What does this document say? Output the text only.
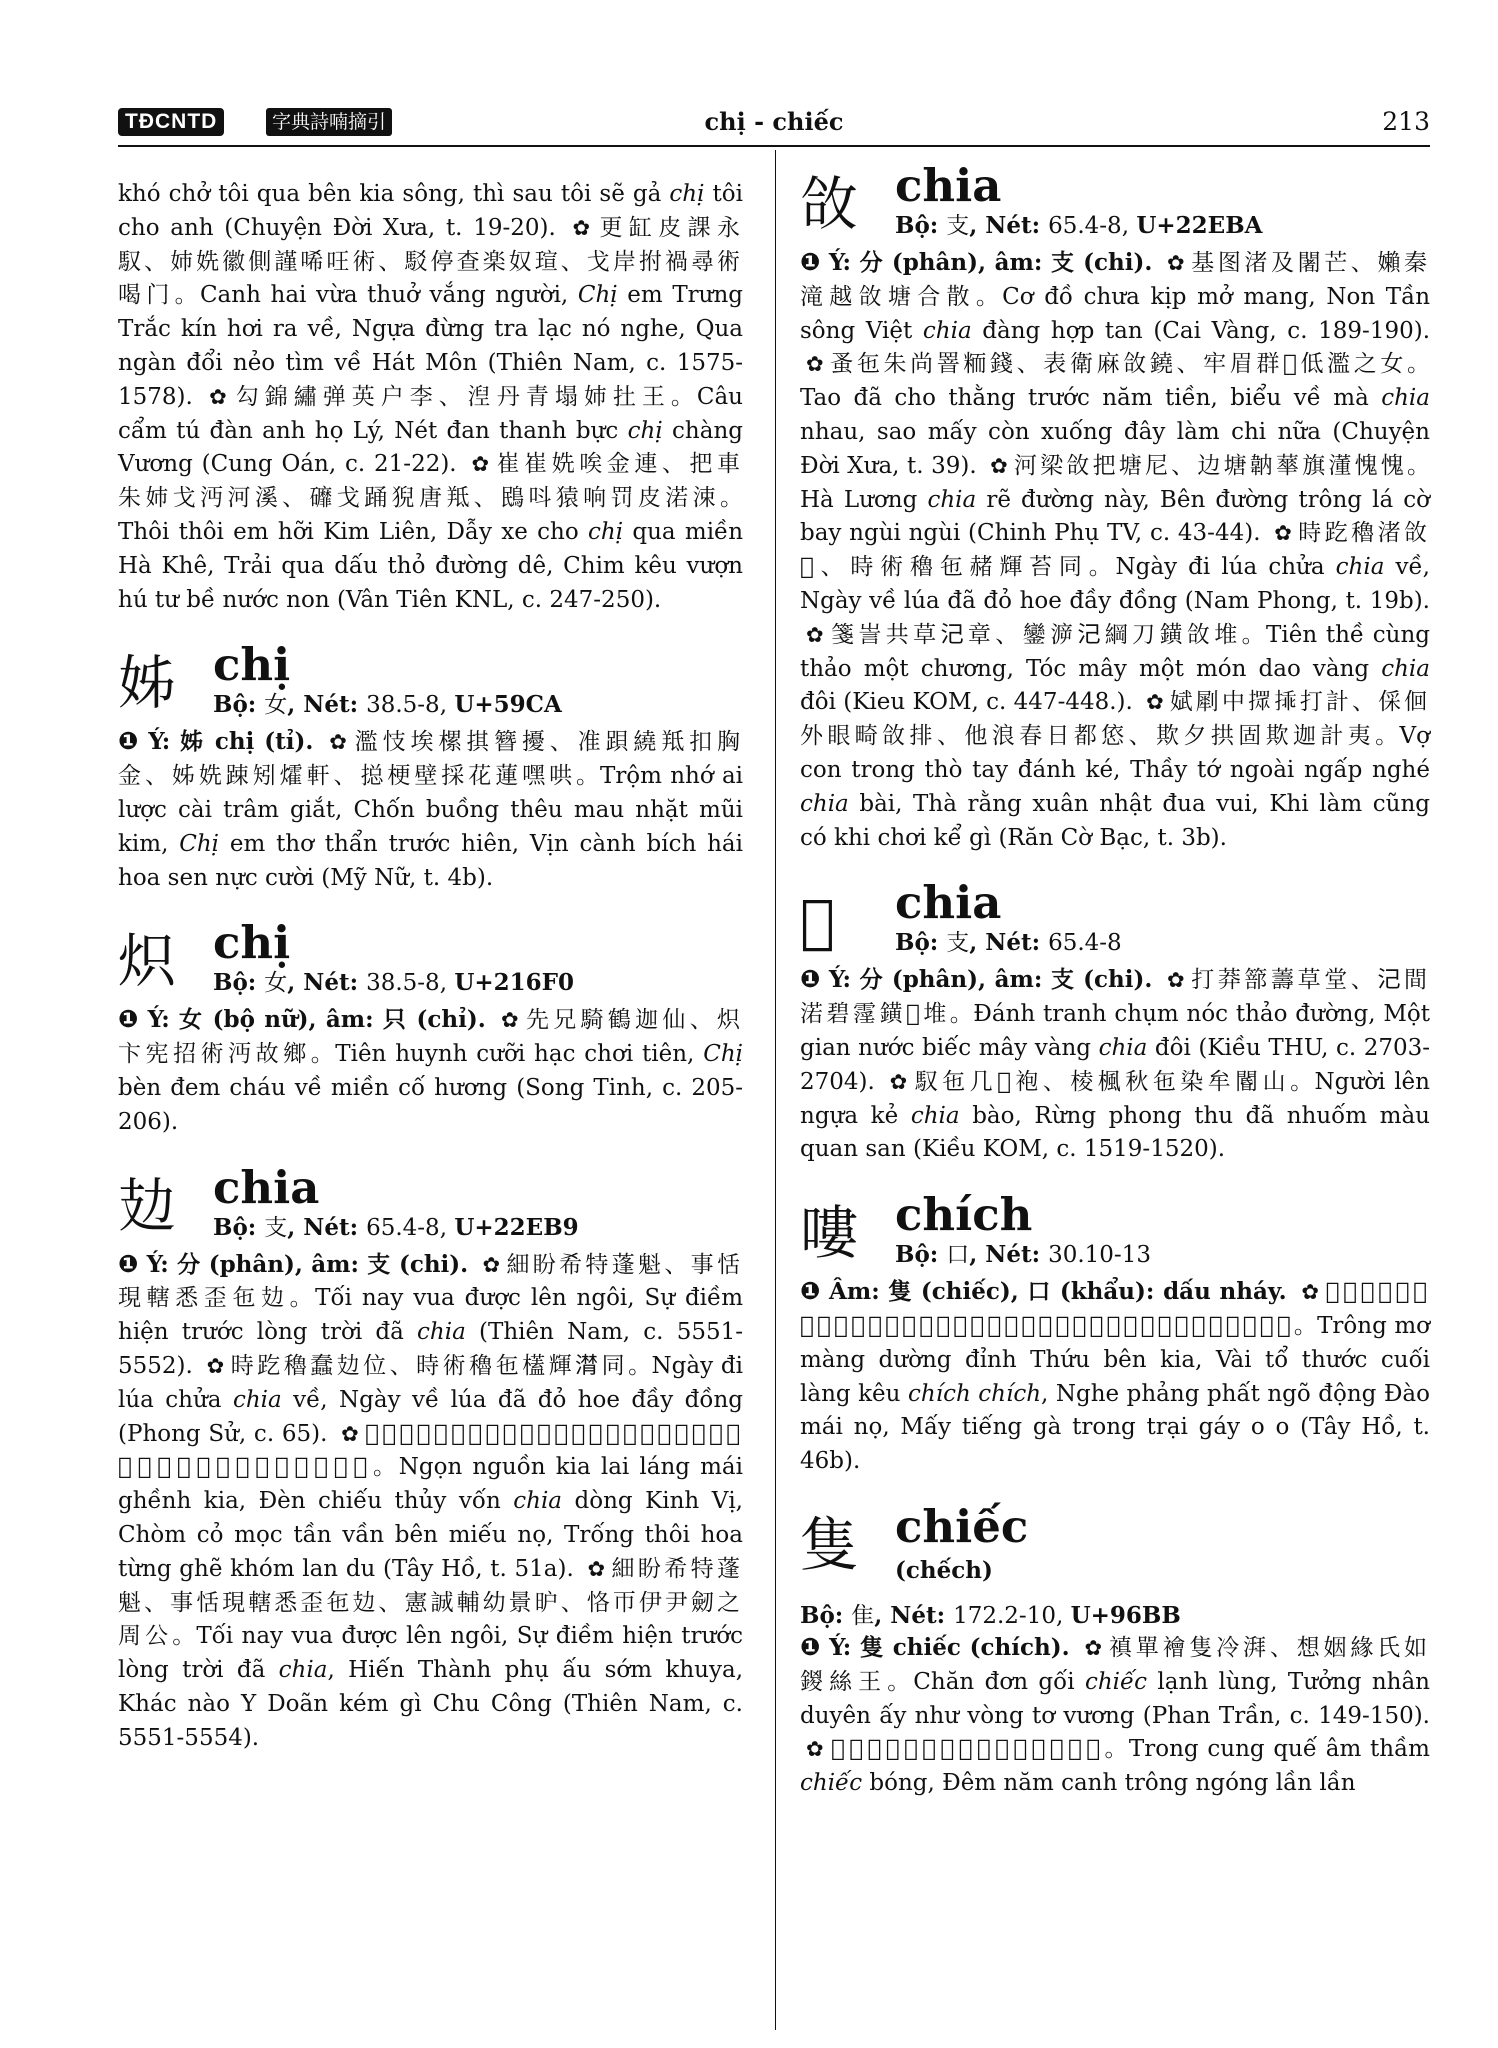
TĐCNTD	字典詩喃摘引	chị - chiếc	213

khó chở tôi qua bên kia sông, thì sau tôi sẽ gả chị tôi cho anh (Chuyện Đời Xưa, t. 19-20). ✿ 更缸皮課永馭、姉姺徽側謹唏㕵術、駁停查楽奴瑄、戈岸拊禍尋術喝门。Canh hai vừa thuở vắng người, Chị em Trưng Trắc kín hơi ra về, Ngựa đừng tra lạc nó nghe, Qua ngàn đổi nẻo tìm về Hát Môn (Thiên Nam, c. 1575-1578). ✿ 勾錦繡弹英户李、湼丹青塌姉扗王。Câu cẩm tú đàn anh họ Lý, Nét đan thanh bực chị chàng Vương (Cung Oán, c. 21-22). ✿ 崔崔姺唉金連、把車朱姉戈沔河溪、䃺戈踊猊唐羝、鴖呌猿响罚皮渃涑。Thôi thôi em hỡi Kim Liên, Dẫy xe cho chị qua miền Hà Khê, Trải qua dấu thỏ đường dê, Chim kêu vượn hú tư bề nước non (Vân Tiên KNL, c. 247-250).

姊 chị
Bộ: 女, Nét: 38.5-8, U+59CA

❶ Ý: 姊 chị (tỉ). ✿ 濫忮埃樏掑簪擾、准䟺繞羝扣胸金、姊姺踈矧㸌軒、搃梗壁採花蓮嘿哄。Trộm nhớ ai lược cài trâm giắt, Chốn buồng thêu mau nhặt mũi kim, Chị em thơ thẩn trước hiên, Vịn cành bích hái hoa sen nực cười (Mỹ Nữ, t. 4b).

炽 chị
Bộ: 女, Nét: 38.5-8, U+216F0

❶ Ý: 女 (bộ nữ), âm: 只 (chỉ). ✿ 先兄騎鶴迦仙、炽卞宪招術沔故鄉。Tiên huynh cưỡi hạc chơi tiên, Chị bèn đem cháu về miền cố hương (Song Tinh, c. 205-206).

攰 chia
Bộ: 支, Nét: 65.4-8, U+22EB9

❶ Ý: 分 (phân), âm: 支 (chi). ✿ 細盼希特蓬魁、事恬現轄悉歪㐌攰。Tối nay vua được lên ngôi, Sự điềm hiện trước lòng trời đã chia (Thiên Nam, c. 5551-5552). ✿ 時趷穭蠢攰位、時術穭㐌㯼輝𣽽同。Ngày đi lúa chửa chia về, Ngày về lúa đã đỏ hoe đầy đồng (Phong Sử, c. 65). ✿ 𦬑源箕涞朗厘崃箕、畑照水本攰湄涇渭、苫鞋木秦運邊廟怒、𦲿𪀄花曽技襟蘭蕕。Ngọn nguồn kia lai láng mái ghềnh kia, Đèn chiếu thủy vốn chia dòng Kinh Vị, Chòm cỏ mọc tần vần bên miếu nọ, Trống thôi hoa từng ghẽ khóm lan du (Tây Hồ, t. 51a). ✿ 細盼希特蓬魁、事恬現轄悉歪㐌攰、憲誠輔幼㬌昈、恪帀伊尹劒之周公。Tối nay vua được lên ngôi, Sự điềm hiện trước lòng trời đã chia, Hiến Thành phụ ấu sớm khuya, Khác nào Y Doãn kém gì Chu Công (Thiên Nam, c. 5551-5554).

㪉 chia
Bộ: 支, Nét: 65.4-8, U+22EBA

❶ Ý: 分 (phân), âm: 支 (chi). ✿ 基图渚及闍芒、嬾秦滝越㪉塘合散。Cơ đồ chưa kịp mở mang, Non Tần sông Việt chia đàng hợp tan (Cai Vàng, c. 189-190). ✿ 蚤㐌朱尚罯粫錢、表衛麻㪉鐃、牢眉群𨖲低濫之女。Tao đã cho thằng trước năm tiền, biểu về mà chia nhau, sao mấy còn xuống đây làm chi nữa (Chuyện Đời Xưa, t. 39). ✿ 河梁㪉把塘尼、边塘䪏蕐旗𣿅愧愧。Hà Lương chia rẽ đường này, Bên đường trông lá cờ bay ngùi ngùi (Chinh Phụ TV, c. 43-44). ✿ 時趷穭渚㪉𥟉、時術穭㐌赭輝苔同。Ngày đi lúa chửa chia về, Ngày về lúa đã đỏ hoe đầy đồng (Nam Phong, t. 19b). ✿ 箋訔共草𣲆章、鑾㴑𣲆綱刀鐄㪉堆。Tiên thề cùng thảo một chương, Tóc mây một món dao vàng chia đôi (Kieu KOM, c. 447-448.). ✿ 娬㓾中𢶢𢮿打計、倸佪外眼畸㪉排、他浪春日都㥋、欺夕拱固欺迦計夷。Vợ con trong thò tay đánh ké, Thầy tớ ngoài ngấp nghé chia bài, Thà rằng xuân nhật đua vui, Khi làm cũng có khi chơi kể gì (Răn Cờ Bạc, t. 3b).

𨑗 chia
Bộ: 支, Nét: 65.4-8

❶ Ý: 分 (phân), âm: 支 (chi). ✿ 打莽篰薵草堂、𣲆間渃碧霪鐄𨑗堆。Đánh tranh chụm nóc thảo đường, Một gian nước biếc mây vàng chia đôi (Kiều THU, c. 2703-2704). ✿ 馭㐌几𨑗袍、棱楓秋㐌染牟閽山。Người lên ngựa kẻ chia bào, Rừng phong thu đã nhuốm màu quan san (Kiều KOM, c. 1519-1520).

嘍 chích
Bộ: 口, Nét: 30.10-13

❶ Âm: 隻 (chiếc), 口 (khẩu): dấu nháy. ✿ 𩄲㦖㤃豕崀鶯邊箕、㗂祖鵲膾廊嗃嘍嘍、瑄彷佛語岺桃厘怒、𠇍啫鶏𦛌寨㗃嗚嗚。Trông mơ màng dường đỉnh Thứu bên kia, Vài tổ thước cuối làng kêu chích chích, Nghe phảng phất ngõ động Đào mái nọ, Mấy tiếng gà trong trại gáy o o (Tây Hồ, t. 46b).

隻 chiếc
(chếch)

Bộ: 隹, Nét: 172.2-10, U+96BB

❶ Ý: 隻 chiếc (chích). ✿ 禛單襘隻冷湃、想姻緣氏如鍐絲王。Chăn đơn gối chiếc lạnh lùng, Tưởng nhân duyên ấy như vòng tơ vương (Phan Trần, c. 149-150). ✿ 𦛌宮桂音沉隻膝、𨁪粫更瞠顒吝吝。Trong cung quế âm thầm chiếc bóng, Đêm năm canh trông ngóng lần lần
